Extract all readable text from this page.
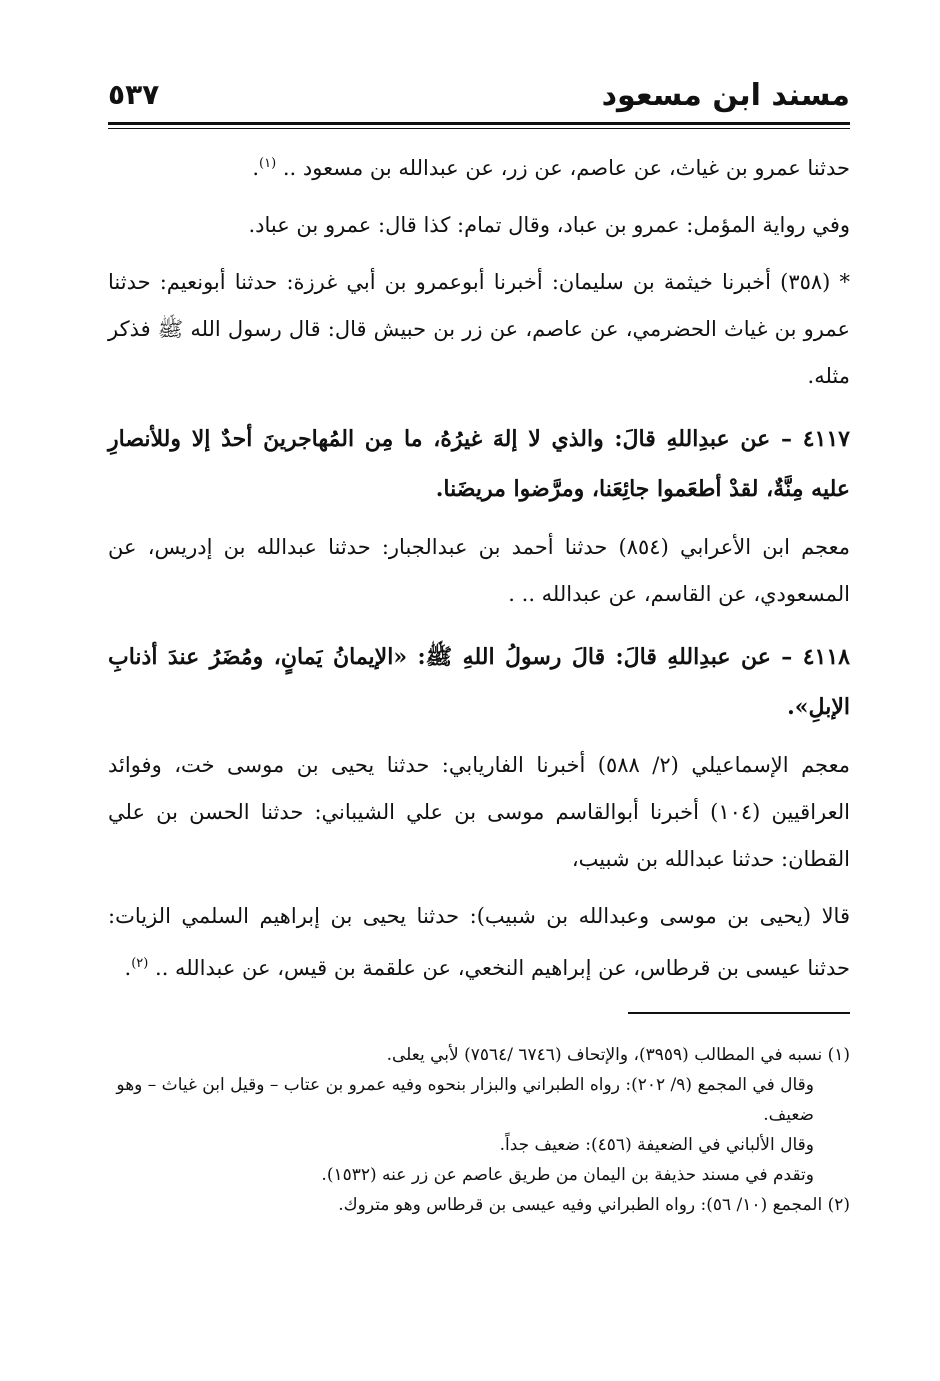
مسند ابن مسعود
٥٣٧

حدثنا عمرو بن غياث، عن عاصم، عن زر، عن عبدالله بن مسعود .. $^{(١)}$.

وفي رواية المؤمل: عمرو بن عباد، وقال تمام: كذا قال: عمرو بن عباد.

* (٣٥٨) أخبرنا خيثمة بن سليمان: أخبرنا أبوعمرو بن أبي غرزة: حدثنا أبونعيم: حدثنا عمرو بن غياث الحضرمي، عن عاصم، عن زر بن حبيش قال: قال رسول الله ﷺ فذكر مثله.

٤١١٧ – عن عبدِاللهِ قالَ: والذي لا إلهَ غيرُهُ، ما مِن المُهاجرينَ أحدٌ إلا وللأنصارِ عليه مِنَّةٌ، لقدْ أطعَموا جائِعَنا، ومرَّضوا مريضَنا.

معجم ابن الأعرابي (٨٥٤) حدثنا أحمد بن عبدالجبار: حدثنا عبدالله بن إدريس، عن المسعودي، عن القاسم، عن عبدالله .. .

٤١١٨ – عن عبدِاللهِ قالَ: قالَ رسولُ اللهِ ﷺ: «الإيمانُ يَمانٍ، ومُضَرُ عندَ أذنابِ الإبلِ».

معجم الإسماعيلي (٢/ ٥٨٨) أخبرنا الفاريابي: حدثنا يحيى بن موسى خت، وفوائد العراقيين (١٠٤) أخبرنا أبوالقاسم موسى بن علي الشيباني: حدثنا الحسن بن علي القطان: حدثنا عبدالله بن شبيب،

قالا (يحيى بن موسى وعبدالله بن شبيب): حدثنا يحيى بن إبراهيم السلمي الزيات: حدثنا عيسى بن قرطاس، عن إبراهيم النخعي، عن علقمة بن قيس، عن عبدالله .. $^{(٢)}$.

(١) نسبه في المطالب (٣٩٥٩)، والإتحاف (٦٧٤٦ /٧٥٦٤) لأبي يعلى.

وقال في المجمع (٩/ ٢٠٢): رواه الطبراني والبزار بنحوه وفيه عمرو بن عتاب – وقيل ابن غياث – وهو ضعيف.

وقال الألباني في الضعيفة (٤٥٦): ضعيف جداً.

وتقدم في مسند حذيفة بن اليمان من طريق عاصم عن زر عنه (١٥٣٢).

(٢) المجمع (١٠/ ٥٦): رواه الطبراني وفيه عيسى بن قرطاس وهو متروك.
